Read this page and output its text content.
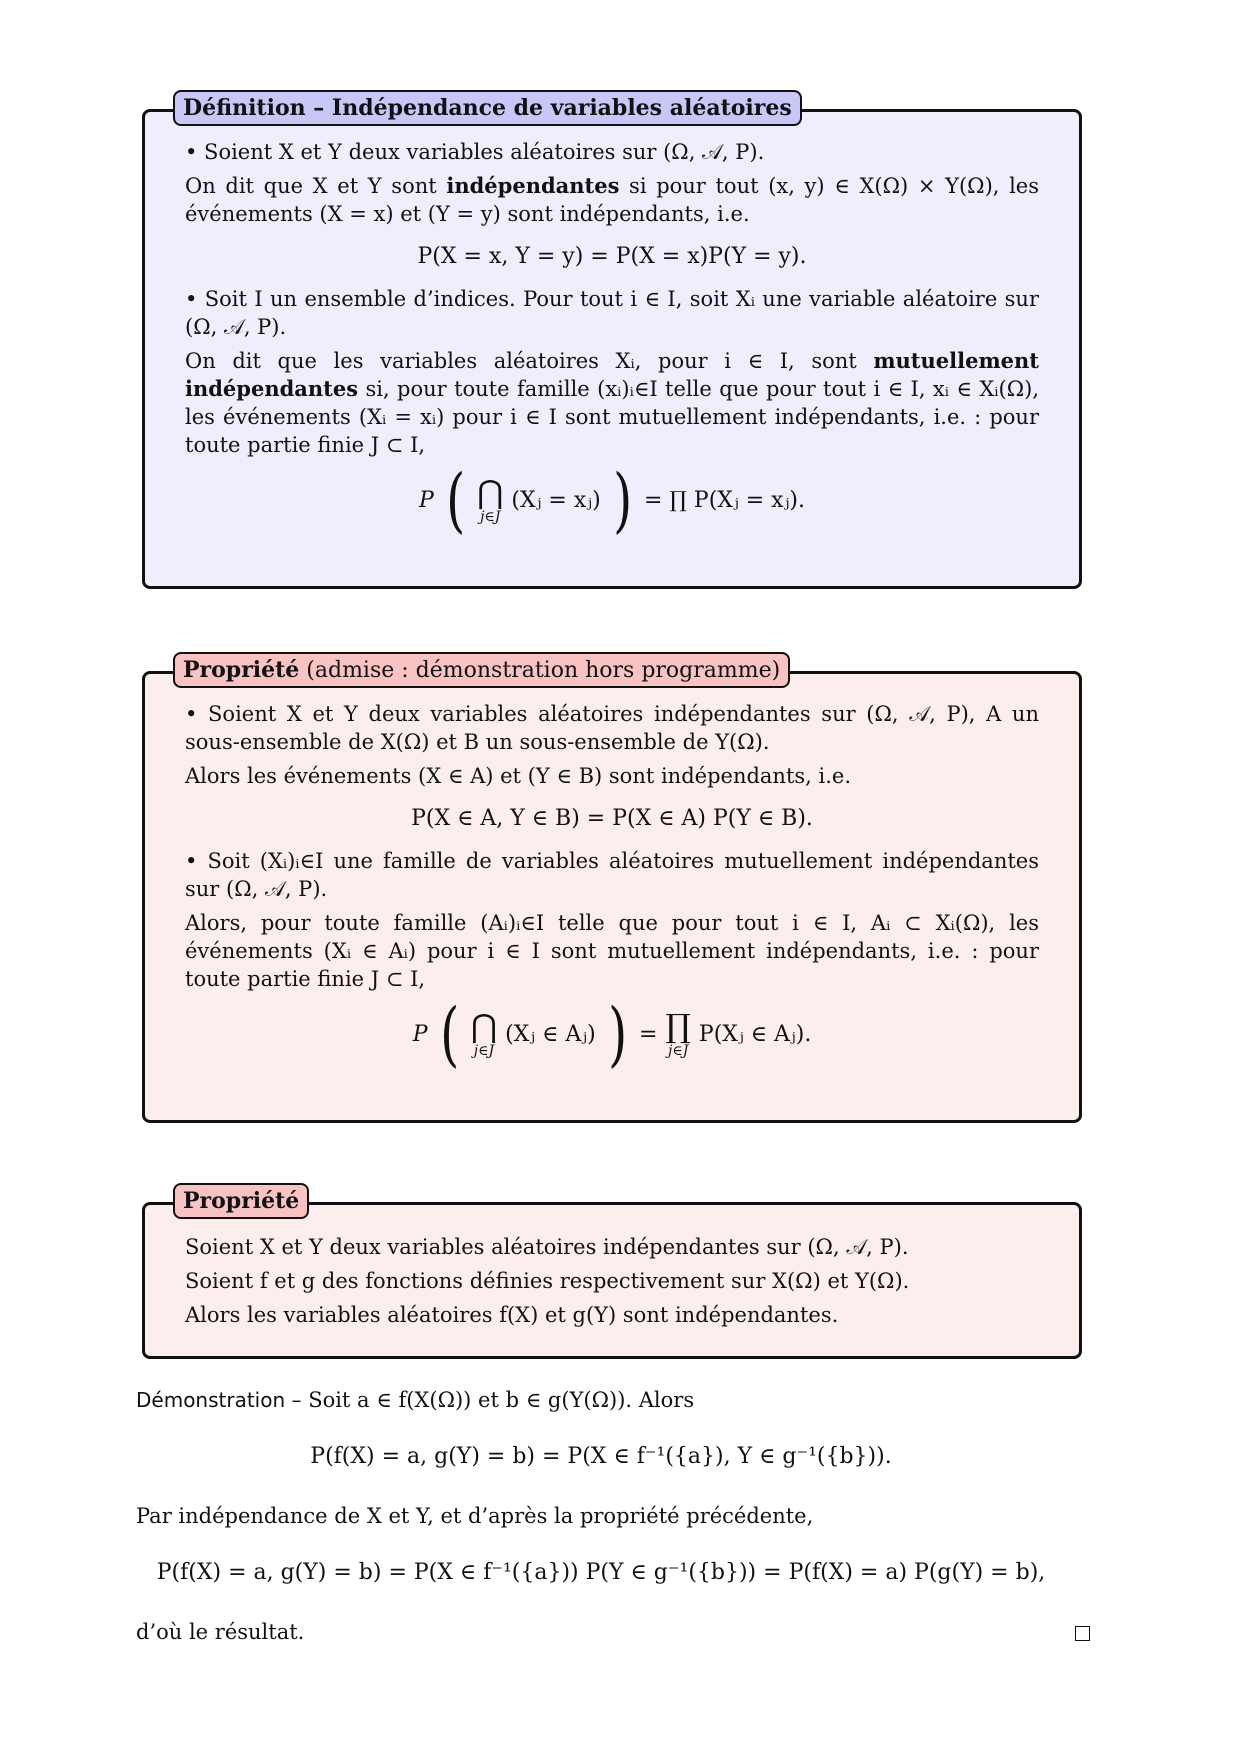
Définition – Indépendance de variables aléatoires

• Soient X et Y deux variables aléatoires sur (Ω, 𝒜, P).

On dit que X et Y sont indépendantes si pour tout (x, y) ∈ X(Ω) × Y(Ω), les événements (X = x) et (Y = y) sont indépendants, i.e.

P(X = x, Y = y) = P(X = x)P(Y = y).

• Soit I un ensemble d’indices. Pour tout i ∈ I, soit Xᵢ une variable aléatoire sur (Ω, 𝒜, P).

On dit que les variables aléatoires Xᵢ, pour i ∈ I, sont mutuellement indépendantes si, pour toute famille (xᵢ)ᵢ∈I telle que pour tout i ∈ I, xᵢ ∈ Xᵢ(Ω), les événements (Xᵢ = xᵢ) pour i ∈ I sont mutuellement indépendants, i.e. : pour toute partie finie J ⊂ I,

P ( ⋂
j∈J
(Xⱼ = xⱼ) ) = ∏ P(Xⱼ = xⱼ).
Propriété (admise : démonstration hors programme)

• Soient X et Y deux variables aléatoires indépendantes sur (Ω, 𝒜, P), A un sous-ensemble de X(Ω) et B un sous-ensemble de Y(Ω).

Alors les événements (X ∈ A) et (Y ∈ B) sont indépendants, i.e.

P(X ∈ A, Y ∈ B) = P(X ∈ A) P(Y ∈ B).

• Soit (Xᵢ)ᵢ∈I une famille de variables aléatoires mutuellement indépendantes sur (Ω, 𝒜, P).

Alors, pour toute famille (Aᵢ)ᵢ∈I telle que pour tout i ∈ I, Aᵢ ⊂ Xᵢ(Ω), les événements (Xᵢ ∈ Aᵢ) pour i ∈ I sont mutuellement indépendants, i.e. : pour toute partie finie J ⊂ I,

P ( ⋂
j∈J
(Xⱼ ∈ Aⱼ) ) = ∏
j∈J
P(Xⱼ ∈ Aⱼ).
Propriété

Soient X et Y deux variables aléatoires indépendantes sur (Ω, 𝒜, P).

Soient f et g des fonctions définies respectivement sur X(Ω) et Y(Ω).

Alors les variables aléatoires f(X) et g(Y) sont indépendantes.

Démonstration – Soit a ∈ f(X(Ω)) et b ∈ g(Y(Ω)). Alors

P(f(X) = a, g(Y) = b) = P(X ∈ f⁻¹({a}), Y ∈ g⁻¹({b})).

Par indépendance de X et Y, et d’après la propriété précédente,

P(f(X) = a, g(Y) = b) = P(X ∈ f⁻¹({a})) P(Y ∈ g⁻¹({b})) = P(f(X) = a) P(g(Y) = b),

d’où le résultat.
